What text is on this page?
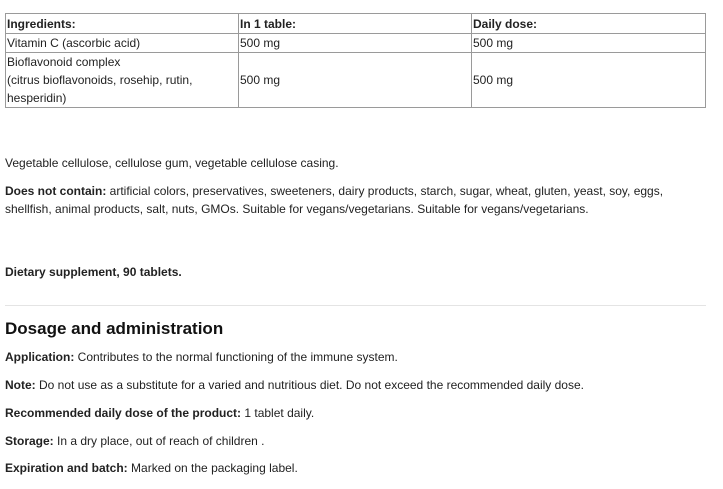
Ingredients:	In 1 table:	Daily dose:
Vitamin C (ascorbic acid)	500 mg	500 mg

Bioflavonoid complex
(citrus bioflavonoids, rosehip, rutin,
hesperidin)	500 mg	500 mg

Vegetable cellulose, cellulose gum, vegetable cellulose casing.

Does not contain: artificial colors, preservatives, sweeteners, dairy products, starch, sugar, wheat, gluten, yeast, soy, eggs, shellfish, animal products, salt, nuts, GMOs. Suitable for vegans/vegetarians. Suitable for vegans/vegetarians.

Dietary supplement, 90 tablets.

Dosage and administration

Application: Contributes to the normal functioning of the immune system.

Note: Do not use as a substitute for a varied and nutritious diet. Do not exceed the recommended daily dose.

Recommended daily dose of the product: 1 tablet daily.

Storage: In a dry place, out of reach of children .

Expiration and batch: Marked on the packaging label.
